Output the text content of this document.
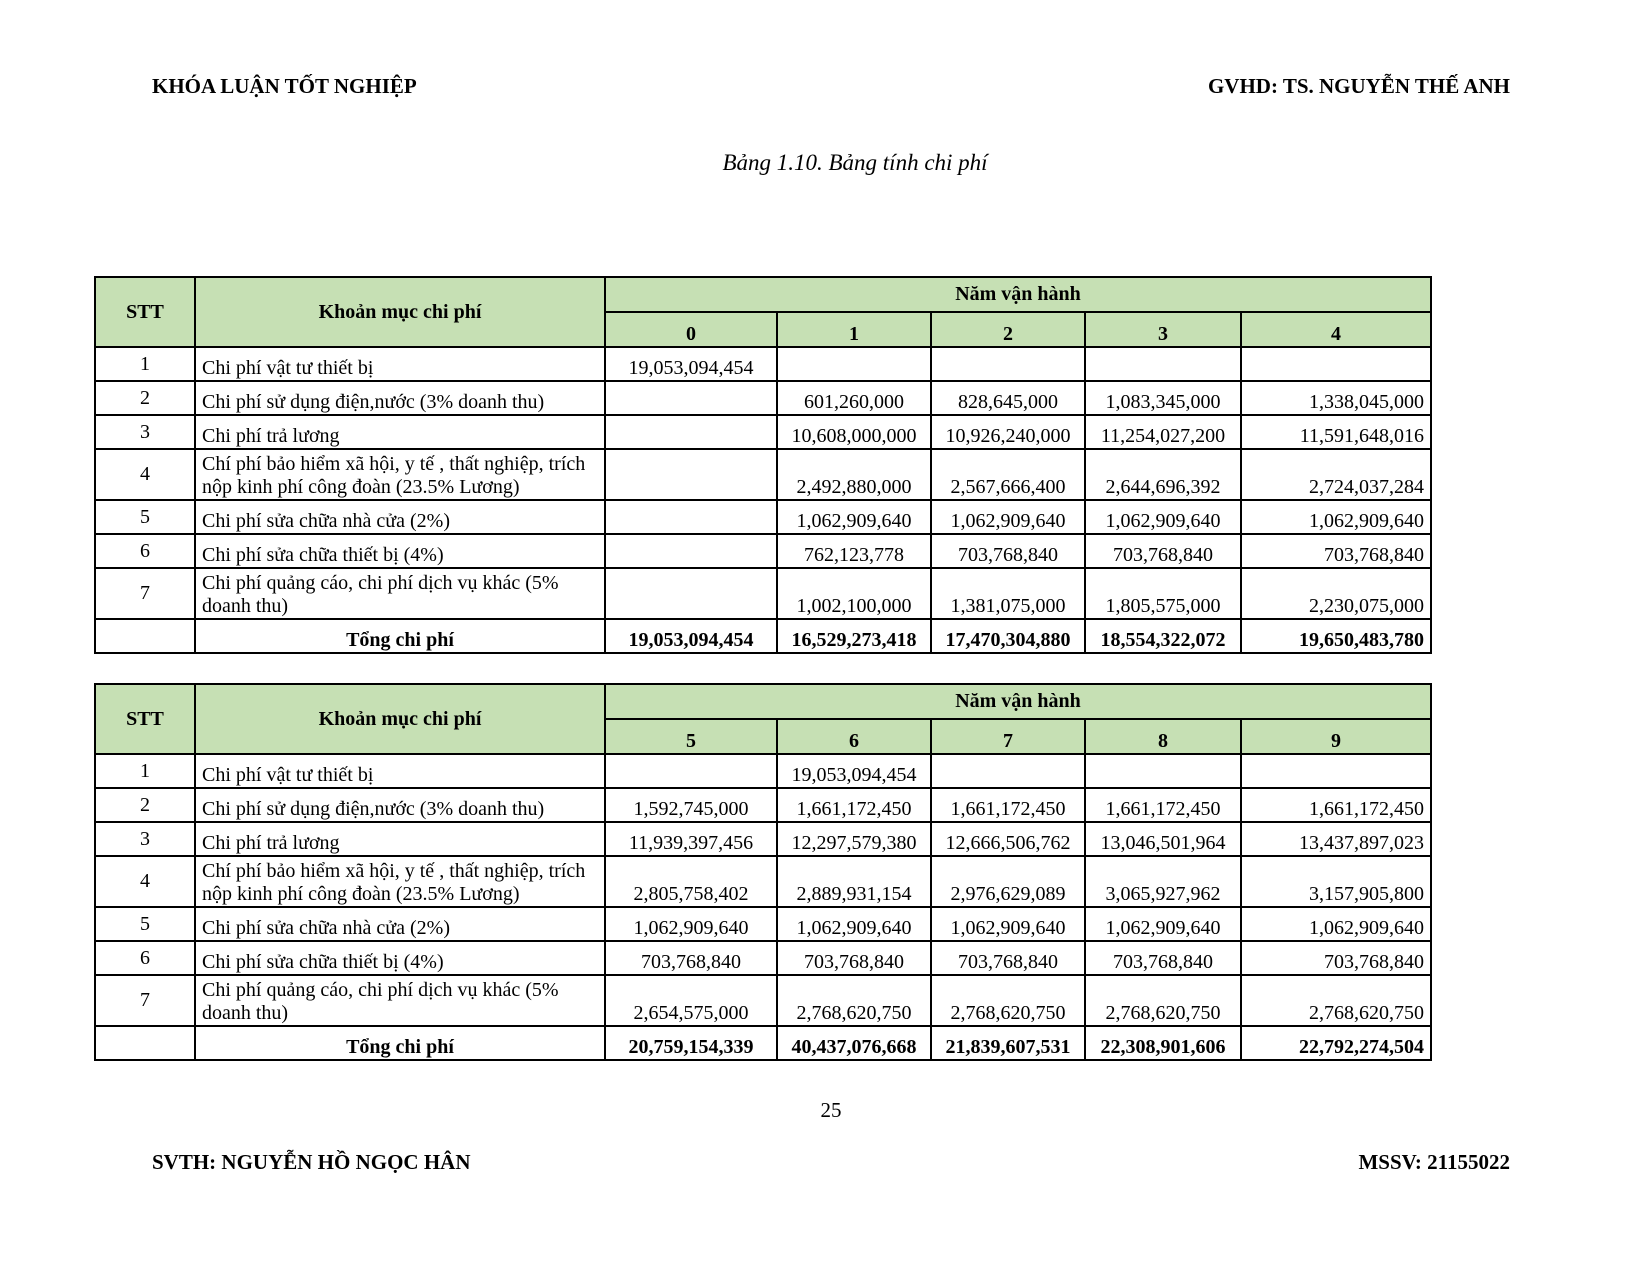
KHÓA LUẬN TỐT NGHIỆP	GVHD: TS. NGUYỄN THẾ ANH
Bảng 1.10. Bảng tính chi phí
STT	Khoản mục chi phí	Năm vận hành				
		0	1	2	3	4
1	Chi phí vật tư thiết bị	19,053,094,454				
2	Chi phí sử dụng điện,nước (3% doanh thu)		601,260,000	828,645,000	1,083,345,000	1,338,045,000
3	Chi phí trả lương		10,608,000,000	10,926,240,000	11,254,027,200	11,591,648,016
4	Chí phí bảo hiểm xã hội, y tế , thất nghiệp, trích nộp kinh phí công đoàn (23.5% Lương)		2,492,880,000	2,567,666,400	2,644,696,392	2,724,037,284
5	Chi phí sửa chữa nhà cửa (2%)		1,062,909,640	1,062,909,640	1,062,909,640	1,062,909,640
6	Chi phí sửa chữa thiết bị (4%)		762,123,778	703,768,840	703,768,840	703,768,840
7	Chi phí quảng cáo, chi phí dịch vụ khác (5% doanh thu)		1,002,100,000	1,381,075,000	1,805,575,000	2,230,075,000
	Tổng chi phí	19,053,094,454	16,529,273,418	17,470,304,880	18,554,322,072	19,650,483,780
STT	Khoản mục chi phí	Năm vận hành				
		5	6	7	8	9
1	Chi phí vật tư thiết bị		19,053,094,454			
2	Chi phí sử dụng điện,nước (3% doanh thu)	1,592,745,000	1,661,172,450	1,661,172,450	1,661,172,450	1,661,172,450
3	Chi phí trả lương	11,939,397,456	12,297,579,380	12,666,506,762	13,046,501,964	13,437,897,023
4	Chí phí bảo hiểm xã hội, y tế , thất nghiệp, trích nộp kinh phí công đoàn (23.5% Lương)	2,805,758,402	2,889,931,154	2,976,629,089	3,065,927,962	3,157,905,800
5	Chi phí sửa chữa nhà cửa (2%)	1,062,909,640	1,062,909,640	1,062,909,640	1,062,909,640	1,062,909,640
6	Chi phí sửa chữa thiết bị (4%)	703,768,840	703,768,840	703,768,840	703,768,840	703,768,840
7	Chi phí quảng cáo, chi phí dịch vụ khác (5% doanh thu)	2,654,575,000	2,768,620,750	2,768,620,750	2,768,620,750	2,768,620,750
	Tổng chi phí	20,759,154,339	40,437,076,668	21,839,607,531	22,308,901,606	22,792,274,504
25
SVTH: NGUYỄN HỒ NGỌC HÂN	MSSV: 21155022
